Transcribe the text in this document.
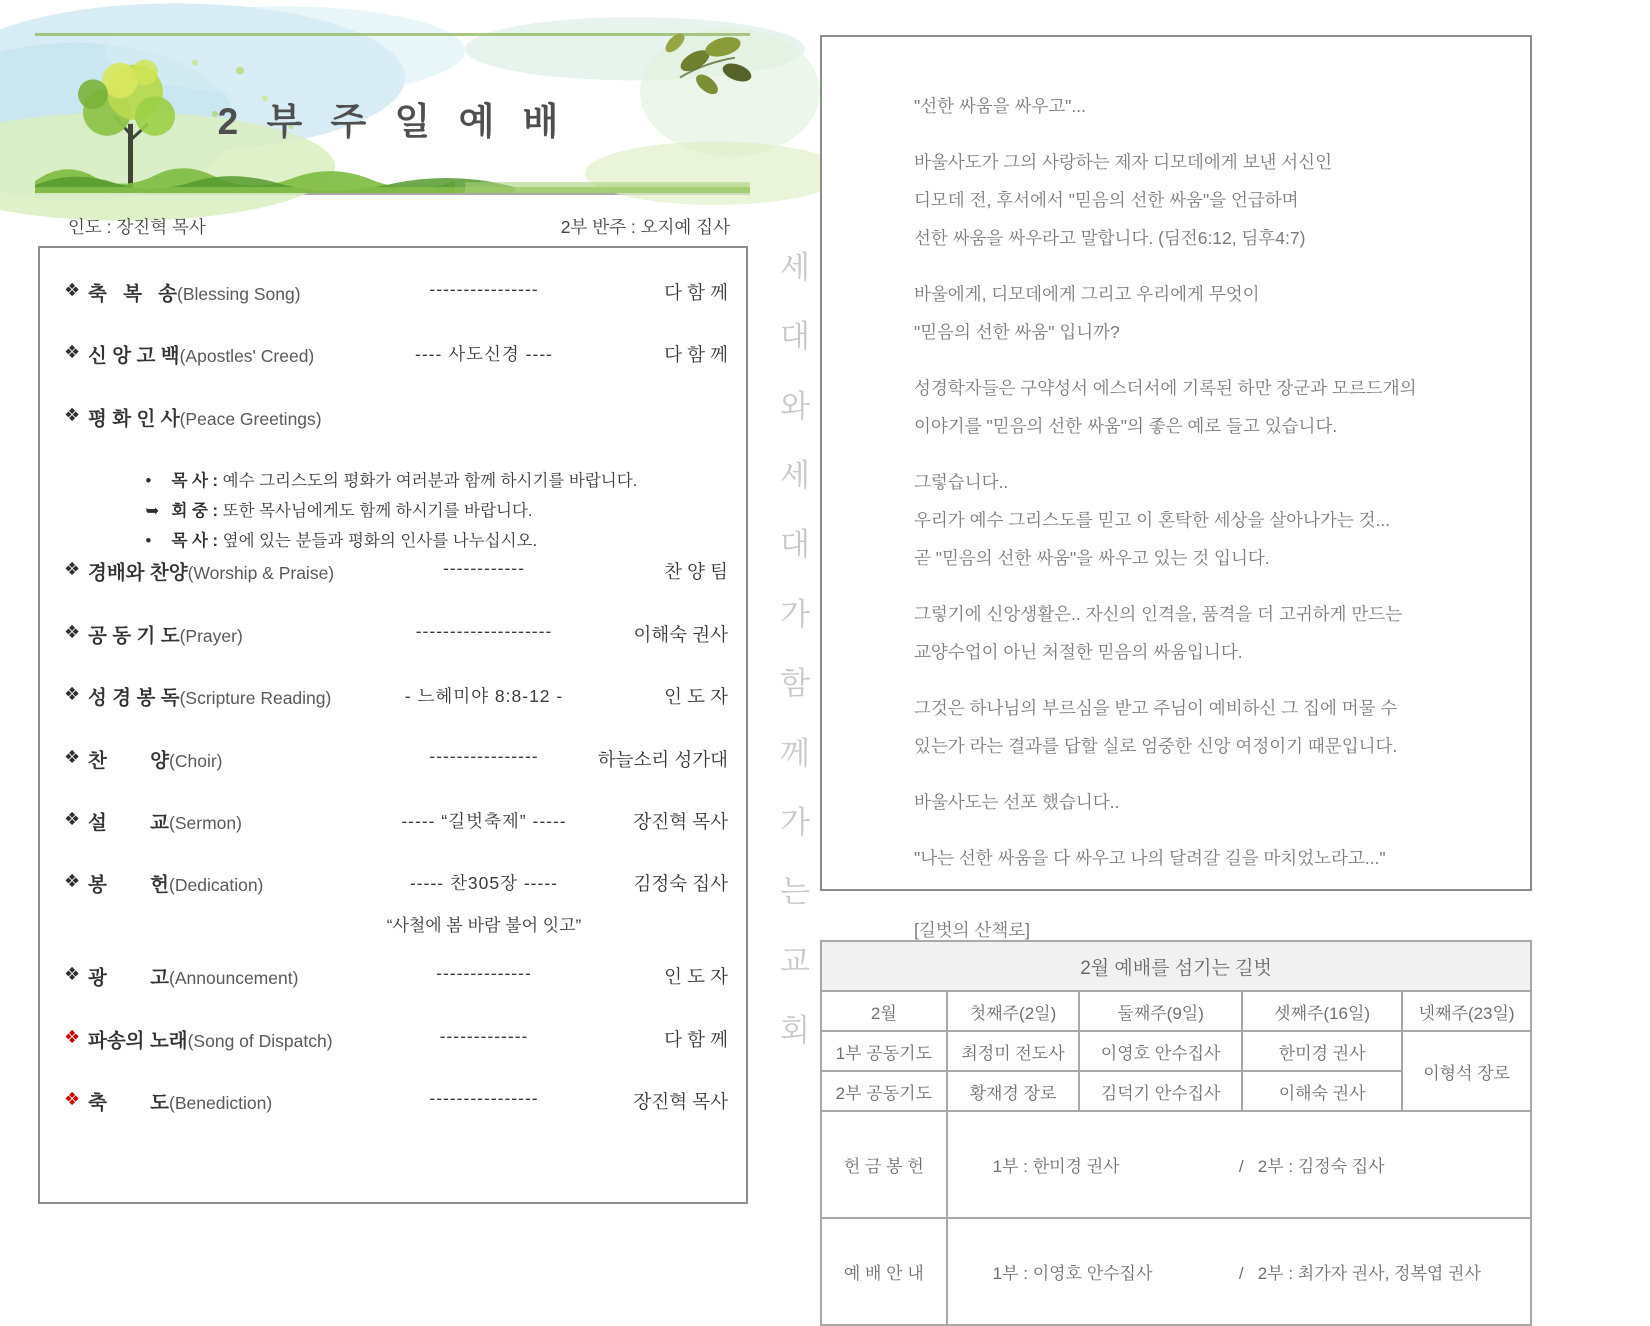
2 부 주 일 예 배
인도 : 장진혁 목사	2부 반주 : 오지예 집사
❖ 축   복   송(Blessing Song)	----------------	다 함 께
❖ 신 앙 고 백(Apostles' Creed)	---- 사도신경 ----	다 함 께
❖ 평 화 인 사(Peace Greetings)

• 목 사 : 예수 그리스도의 평화가 여러분과 함께 하시기를 바랍니다.

➥ 회 중 : 또한 목사님에게도 함께 하시기를 바랍니다.

• 목 사 : 옆에 있는 분들과 평화의 인사를 나누십시오.

❖ 경배와 찬양(Worship & Praise)	------------	찬 양 팀
❖ 공 동 기 도(Prayer)	--------------------	이해숙 권사
❖ 성 경 봉 독(Scripture Reading)	- 느헤미야 8:8-12 -	인 도 자
❖ 찬        양(Choir)	----------------	하늘소리 성가대
❖ 설        교(Sermon)	----- “길벗축제” -----	장진혁 목사
❖ 봉        헌(Dedication)	----- 찬305장 -----	김정숙 집사
“사철에 봄 바람 불어 잇고”
❖ 광        고(Announcement)	--------------	인 도 자
❖ 파송의 노래(Song of Dispatch)	-------------	다 함 께
❖ 축        도(Benediction)	----------------	장진혁 목사
세
대
와
세
대
가
함
께
가
는
교
회

"선한 싸움을 싸우고"...

바울사도가 그의 사랑하는 제자 디모데에게 보낸 서신인
디모데 전, 후서에서 "믿음의 선한 싸움"을 언급하며
선한 싸움을 싸우라고 말합니다. (딤전6:12, 딤후4:7)

바울에게, 디모데에게 그리고 우리에게 무엇이
"믿음의 선한 싸움" 입니까?

성경학자들은 구약성서 에스더서에 기록된 하만 장군과 모르드개의
이야기를 "믿음의 선한 싸움"의 좋은 예로 들고 있습니다.

그렇습니다..
우리가 예수 그리스도를 믿고 이 혼탁한 세상을 살아나가는 것...
곧 "믿음의 선한 싸움"을 싸우고 있는 것 입니다.

그렇기에 신앙생활은.. 자신의 인격을, 품격을 더 고귀하게 만드는
교양수업이 아닌 처절한 믿음의 싸움입니다.

그것은 하나님의 부르심을 받고 주님이 예비하신 그 집에 머물 수
있는가 라는 결과를 답할 실로 엄중한 신앙 여정이기 때문입니다.

바울사도는 선포 했습니다..

"나는 선한 싸움을 다 싸우고 나의 달려갈 길을 마치었노라고..."

[길벗의 산책로]

2월 예배를 섬기는 길벗				
2월	첫째주(2일)	둘째주(9일)	셋째주(16일)	넷째주(23일)
1부 공동기도	최정미 전도사	이영호 안수집사	한미경 권사	이형석 장로
2부 공동기도	황재경 장로	김덕기 안수집사	이해숙 권사	
헌 금 봉 헌	1부 : 한미경 권사 /   2부 : 김정숙 집사			

예 배 안 내	1부 : 이영호 안수집사 /   2부 : 최가자 권사, 정복엽 권사			
